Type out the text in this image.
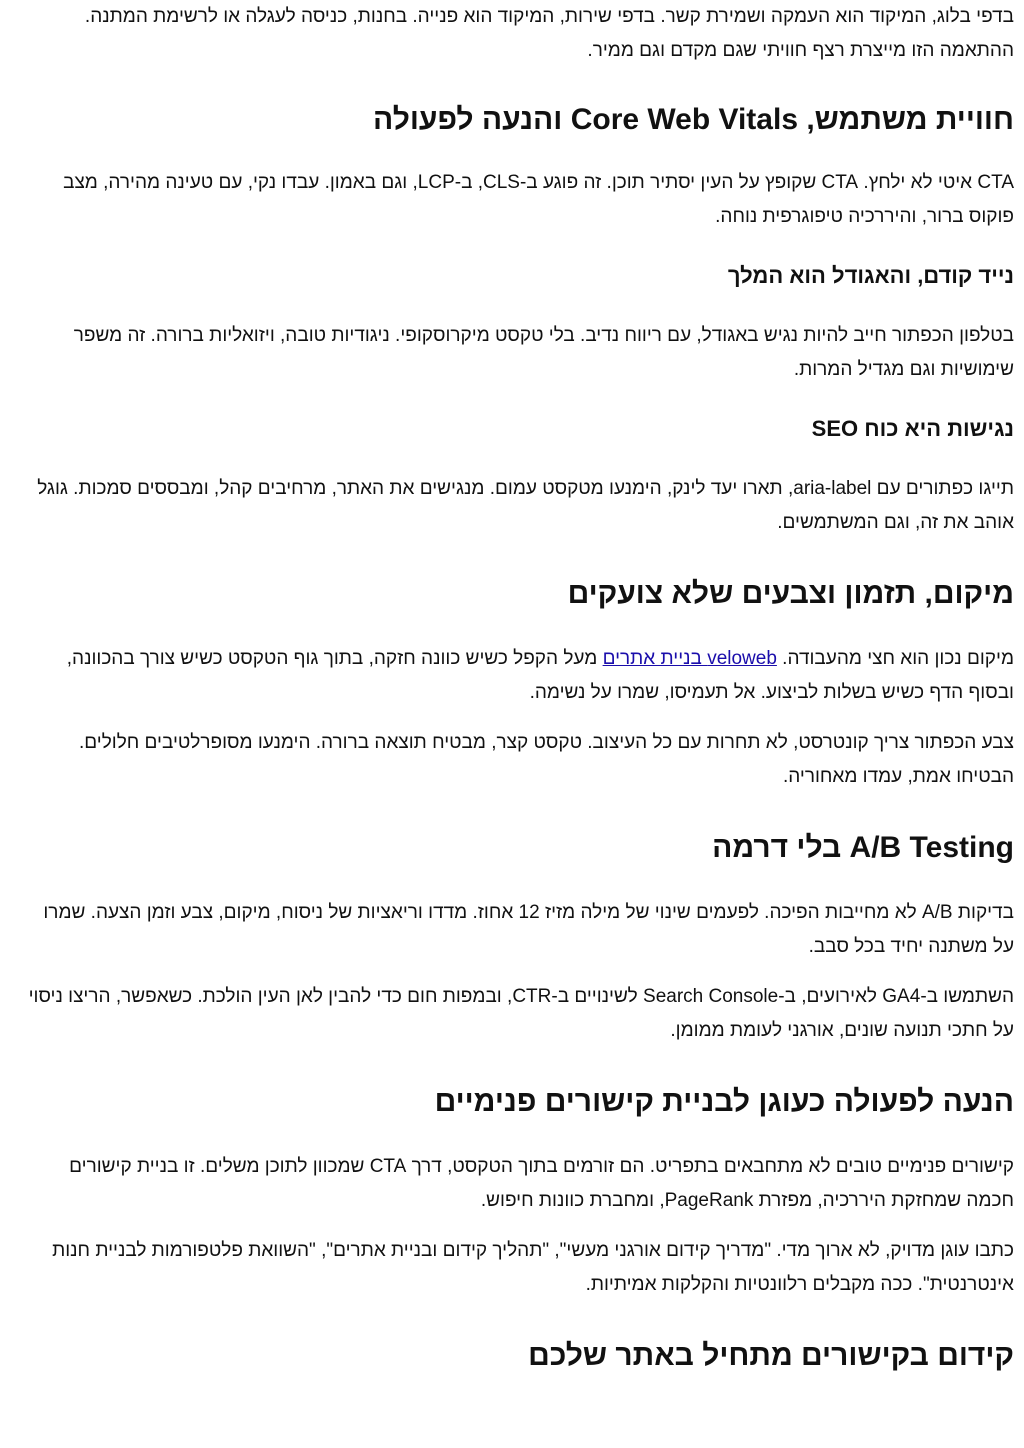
בדפי בלוג, המיקוד הוא העמקה ושמירת קשר. בדפי שירות, המיקוד הוא פנייה. בחנות, כניסה לעגלה או לרשימת המתנה. ההתאמה הזו מייצרת רצף חוויתי שגם מקדם וגם ממיר.

חוויית משתמש, Core Web Vitals והנעה לפעולה

CTA איטי לא ילחץ. CTA שקופץ על העין יסתיר תוכן. זה פוגע ב-CLS, ב-LCP, וגם באמון. עבדו נקי, עם טעינה מהירה, מצב פוקוס ברור, והיררכיה טיפוגרפית נוחה.

נייד קודם, והאגודל הוא המלך

בטלפון הכפתור חייב להיות נגיש באגודל, עם ריווח נדיב. בלי טקסט מיקרוסקופי. ניגודיות טובה, ויזואליות ברורה. זה משפר שימושיות וגם מגדיל המרות.

נגישות היא כוח SEO

תייגו כפתורים עם aria-label, תארו יעד לינק, הימנעו מטקסט עמום. מנגישים את האתר, מרחיבים קהל, ומבססים סמכות. גוגל אוהב את זה, וגם המשתמשים.

מיקום, תזמון וצבעים שלא צועקים

מיקום נכון הוא חצי מהעבודה. veloweb בניית אתרים מעל הקפל כשיש כוונה חזקה, בתוך גוף הטקסט כשיש צורך בהכוונה, ובסוף הדף כשיש בשלות לביצוע. אל תעמיסו, שמרו על נשימה.

צבע הכפתור צריך קונטרסט, לא תחרות עם כל העיצוב. טקסט קצר, מבטיח תוצאה ברורה. הימנעו מסופרלטיבים חלולים. הבטיחו אמת, עמדו מאחוריה.

A/B Testing בלי דרמה

בדיקות A/B לא מחייבות הפיכה. לפעמים שינוי של מילה מזיז 12 אחוז. מדדו וריאציות של ניסוח, מיקום, צבע וזמן הצעה. שמרו על משתנה יחיד בכל סבב.

השתמשו ב-GA4 לאירועים, ב-Search Console לשינויים ב-CTR, ובמפות חום כדי להבין לאן העין הולכת. כשאפשר, הריצו ניסוי על חתכי תנועה שונים, אורגני לעומת ממומן.

הנעה לפעולה כעוגן לבניית קישורים פנימיים

קישורים פנימיים טובים לא מתחבאים בתפריט. הם זורמים בתוך הטקסט, דרך CTA שמכוון לתוכן משלים. זו בניית קישורים חכמה שמחזקת היררכיה, מפזרת PageRank, ומחברת כוונות חיפוש.

כתבו עוגן מדויק, לא ארוך מדי. "מדריך קידום אורגני מעשי", "תהליך קידום ובניית אתרים", "השוואת פלטפורמות לבניית חנות אינטרנטית". ככה מקבלים רלוונטיות והקלקות אמיתיות.

קידום בקישורים מתחיל באתר שלכם
